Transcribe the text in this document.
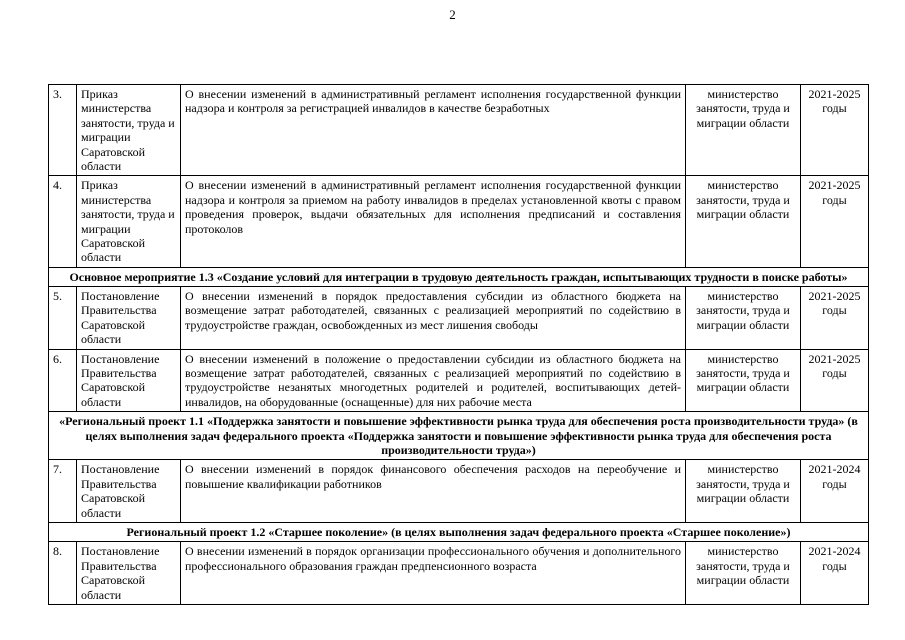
2
3.	Приказ министерства занятости, труда и миграции Саратовской области	О внесении изменений в административный регламент исполнения государственной функции надзора и контроля за регистрацией инвалидов в качестве безработных	министерство занятости, труда и миграции области	2021-2025 годы
4.	Приказ министерства занятости, труда и миграции Саратовской области	О внесении изменений в административный регламент исполнения государственной функции надзора и контроля за приемом на работу инвалидов в пределах установленной квоты с правом проведения проверок, выдачи обязательных для исполнения предписаний и составления протоколов	министерство занятости, труда и миграции области	2021-2025 годы
Основное мероприятие 1.3 «Создание условий для интеграции в трудовую деятельность граждан, испытывающих трудности в поиске работы»				
5.	Постановление Правительства Саратовской области	О внесении изменений в порядок предоставления субсидии из областного бюджета на возмещение затрат работодателей, связанных с реализацией мероприятий по содействию в трудоустройстве граждан, освобожденных из мест лишения свободы	министерство занятости, труда и миграции области	2021-2025 годы
6.	Постановление Правительства Саратовской области	О внесении изменений в положение о предоставлении субсидии из областного бюджета на возмещение затрат работодателей, связанных с реализацией мероприятий по содействию в трудоустройстве незанятых многодетных родителей и родителей, воспитывающих детей-инвалидов, на оборудованные (оснащенные) для них рабочие места	министерство занятости, труда и миграции области	2021-2025 годы
«Региональный проект 1.1 «Поддержка занятости и повышение эффективности рынка труда для обеспечения роста производительности труда» (в целях выполнения задач федерального проекта «Поддержка занятости и повышение эффективности рынка труда для обеспечения роста производительности труда»)				
7.	Постановление Правительства Саратовской области	О внесении изменений в порядок финансового обеспечения расходов на переобучение и повышение квалификации работников	министерство занятости, труда и миграции области	2021-2024 годы
Региональный проект 1.2 «Старшее поколение» (в целях выполнения задач федерального проекта «Старшее поколение»)				
8.	Постановление Правительства Саратовской области	О внесении изменений в порядок организации профессионального обучения и дополнительного профессионального образования граждан предпенсионного возраста	министерство занятости, труда и миграции области	2021-2024 годы
